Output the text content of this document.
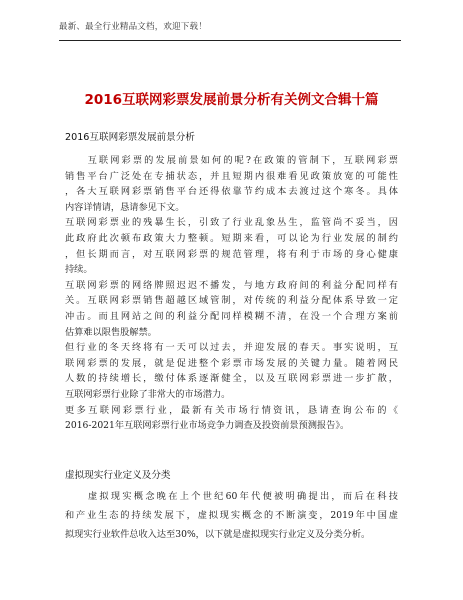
最新、最全行业精品文档，欢迎下载！
2016互联网彩票发展前景分析有关例文合辑十篇
2016互联网彩票发展前景分析
　　互联网彩票的发展前景如何的呢?在政策的管制下，互联网彩票
销售平台广泛处在专捕状态，并且短期内很难看见政策放宽的可能性
，各大互联网彩票销售平台还得依靠节约成本去渡过这个寒冬。具体
内容详情请，恳请参见下文。
互联网彩票业的残暴生长，引致了行业乱象丛生，监管尚不妥当，因
此政府此次顿布政策大力整顿。短期来看，可以论为行业发展的制约
，但长期而言，对互联网彩票的规范管理，将有利于市场的身心健康
持续。
互联网彩票的网络牌照迟迟不播发，与地方政府间的利益分配同样有
关。互联网彩票销售超越区域管制，对传统的利益分配体系导致一定
冲击。而且网站之间的利益分配同样模糊不清，在没一个合理方案前
估算难以限售股解禁。
但行业的冬天终将有一天可以过去，并迎发展的春天。事实说明，互
联网彩票的发展，就是促进整个彩票市场发展的关键力量。随着网民
人数的持续增长，缴付体系逐渐健全，以及互联网彩票进一步扩散，
互联网彩票行业除了非常大的市场潜力。
更多互联网彩票行业，最新有关市场行情资讯，恳请查询公布的《
2016-2021年互联网彩票行业市场竞争力调查及投资前景预测报告》。
虚拟现实行业定义及分类
　　虚拟现实概念晚在上个世纪60年代便被明确提出，而后在科技
和产业生态的持续发展下，虚拟现实概念的不断演变，2019年中国虚
拟现实行业软件总收入达至30%，以下就是虚拟现实行业定义及分类分析。
